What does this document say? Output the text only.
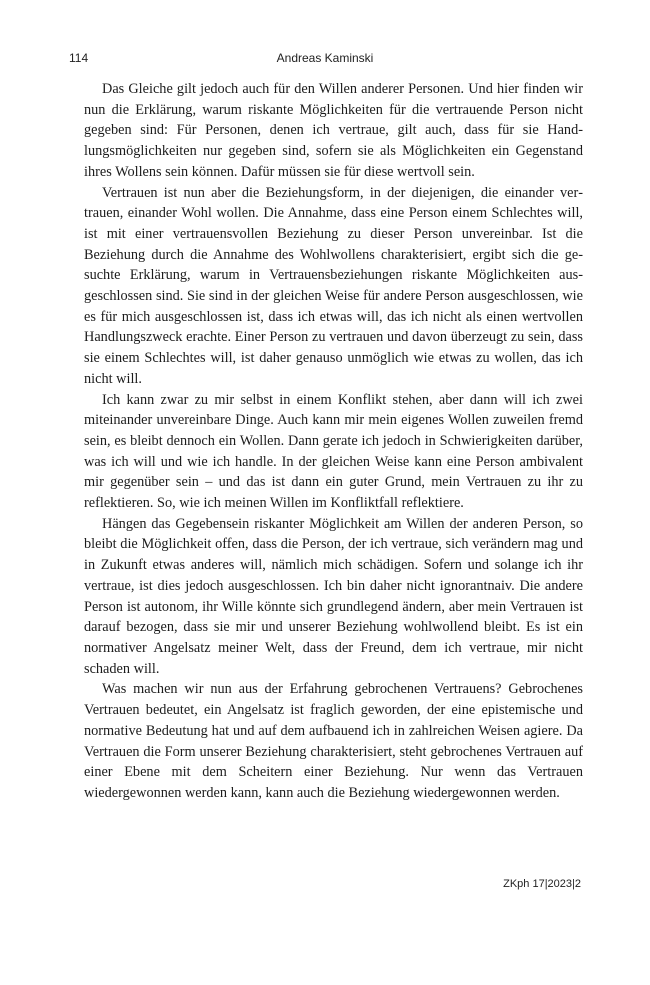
114	Andreas Kaminski

Das Gleiche gilt jedoch auch für den Willen anderer Personen. Und hier finden wir nun die Erklärung, warum riskante Möglichkeiten für die vertrauende Person nicht gegeben sind: Für Personen, denen ich vertraue, gilt auch, dass für sie Handlungsmöglichkeiten nur gegeben sind, sofern sie als Möglichkeiten ein Gegenstand ihres Wollens sein können. Dafür müssen sie für diese wertvoll sein.

Vertrauen ist nun aber die Beziehungsform, in der diejenigen, die einander vertrauen, einander Wohl wollen. Die Annahme, dass eine Person einem Schlechtes will, ist mit einer vertrauensvollen Beziehung zu dieser Person unvereinbar. Ist die Beziehung durch die Annahme des Wohlwollens charakterisiert, ergibt sich die gesuchte Erklärung, warum in Vertrauensbeziehungen riskante Möglichkeiten ausgeschlossen sind. Sie sind in der gleichen Weise für andere Person ausgeschlossen, wie es für mich ausgeschlossen ist, dass ich etwas will, das ich nicht als einen wertvollen Handlungszweck erachte. Einer Person zu vertrauen und davon überzeugt zu sein, dass sie einem Schlechtes will, ist daher genauso unmöglich wie etwas zu wollen, das ich nicht will.

Ich kann zwar zu mir selbst in einem Konflikt stehen, aber dann will ich zwei miteinander unvereinbare Dinge. Auch kann mir mein eigenes Wollen zuweilen fremd sein, es bleibt dennoch ein Wollen. Dann gerate ich jedoch in Schwierigkeiten darüber, was ich will und wie ich handle. In der gleichen Weise kann eine Person ambivalent mir gegenüber sein – und das ist dann ein guter Grund, mein Vertrauen zu ihr zu reflektieren. So, wie ich meinen Willen im Konfliktfall reflektiere.

Hängen das Gegebensein riskanter Möglichkeit am Willen der anderen Person, so bleibt die Möglichkeit offen, dass die Person, der ich vertraue, sich verändern mag und in Zukunft etwas anderes will, nämlich mich schädigen. Sofern und solange ich ihr vertraue, ist dies jedoch ausgeschlossen. Ich bin daher nicht ignorantnaiv. Die andere Person ist autonom, ihr Wille könnte sich grundlegend ändern, aber mein Vertrauen ist darauf bezogen, dass sie mir und unserer Beziehung wohlwollend bleibt. Es ist ein normativer Angelsatz meiner Welt, dass der Freund, dem ich vertraue, mir nicht schaden will.

Was machen wir nun aus der Erfahrung gebrochenen Vertrauens? Gebrochenes Vertrauen bedeutet, ein Angelsatz ist fraglich geworden, der eine epistemische und normative Bedeutung hat und auf dem aufbauend ich in zahlreichen Weisen agiere. Da Vertrauen die Form unserer Beziehung charakterisiert, steht gebrochenes Vertrauen auf einer Ebene mit dem Scheitern einer Beziehung. Nur wenn das Vertrauen wiedergewonnen werden kann, kann auch die Beziehung wiedergewonnen werden.

ZKph 17|2023|2
